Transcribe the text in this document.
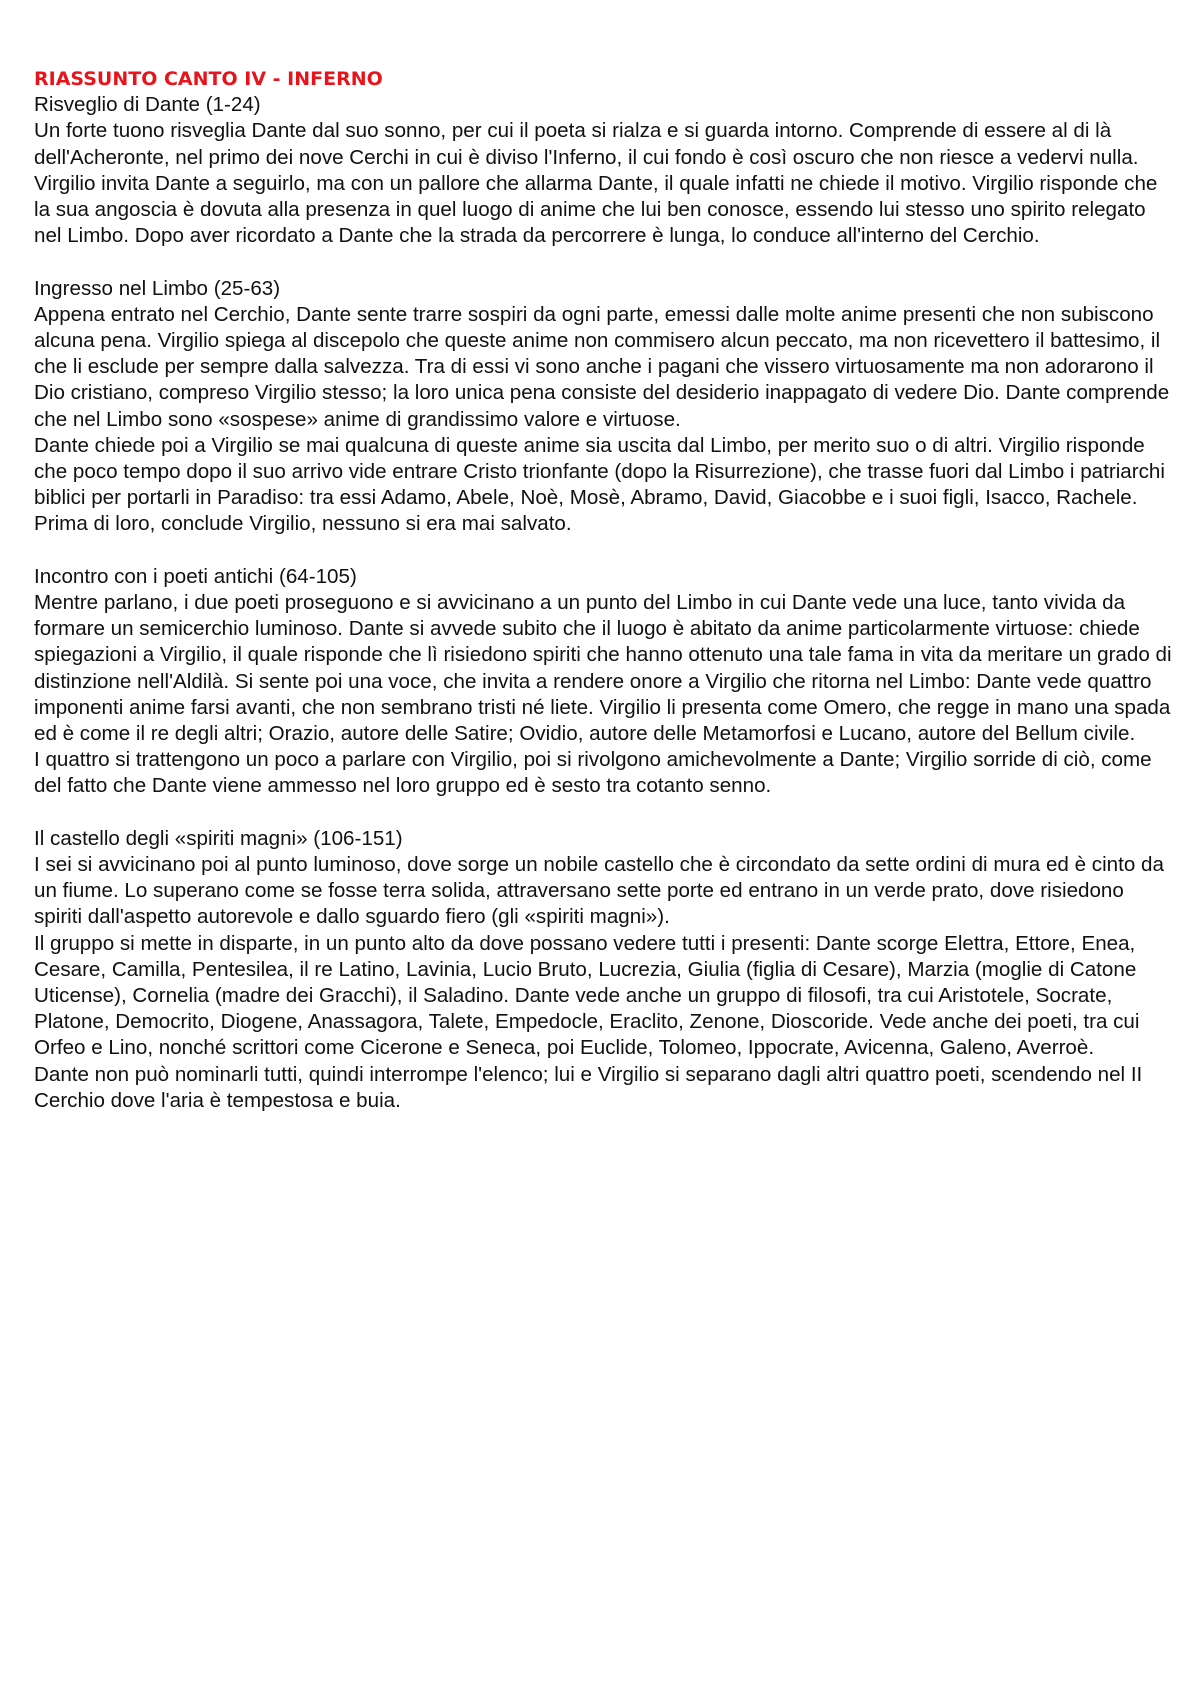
RIASSUNTO CANTO IV - INFERNO
Risveglio di Dante (1-24)
Un forte tuono risveglia Dante dal suo sonno, per cui il poeta si rialza e si guarda intorno. Comprende di essere al di là dell'Acheronte, nel primo dei nove Cerchi in cui è diviso l'Inferno, il cui fondo è così oscuro che non riesce a vedervi nulla. Virgilio invita Dante a seguirlo, ma con un pallore che allarma Dante, il quale infatti ne chiede il motivo. Virgilio risponde che la sua angoscia è dovuta alla presenza in quel luogo di anime che lui ben conosce, essendo lui stesso uno spirito relegato nel Limbo. Dopo aver ricordato a Dante che la strada da percorrere è lunga, lo conduce all'interno del Cerchio.
Ingresso nel Limbo (25-63)
Appena entrato nel Cerchio, Dante sente trarre sospiri da ogni parte, emessi dalle molte anime presenti che non subiscono alcuna pena. Virgilio spiega al discepolo che queste anime non commisero alcun peccato, ma non ricevettero il battesimo, il che li esclude per sempre dalla salvezza. Tra di essi vi sono anche i pagani che vissero virtuosamente ma non adorarono il Dio cristiano, compreso Virgilio stesso; la loro unica pena consiste del desiderio inappagato di vedere Dio. Dante comprende che nel Limbo sono «sospese» anime di grandissimo valore e virtuose.
Dante chiede poi a Virgilio se mai qualcuna di queste anime sia uscita dal Limbo, per merito suo o di altri. Virgilio risponde che poco tempo dopo il suo arrivo vide entrare Cristo trionfante (dopo la Risurrezione), che trasse fuori dal Limbo i patriarchi biblici per portarli in Paradiso: tra essi Adamo, Abele, Noè, Mosè, Abramo, David, Giacobbe e i suoi figli, Isacco, Rachele. Prima di loro, conclude Virgilio, nessuno si era mai salvato.
Incontro con i poeti antichi (64-105)
Mentre parlano, i due poeti proseguono e si avvicinano a un punto del Limbo in cui Dante vede una luce, tanto vivida da formare un semicerchio luminoso. Dante si avvede subito che il luogo è abitato da anime particolarmente virtuose: chiede spiegazioni a Virgilio, il quale risponde che lì risiedono spiriti che hanno ottenuto una tale fama in vita da meritare un grado di distinzione nell'Aldilà. Si sente poi una voce, che invita a rendere onore a Virgilio che ritorna nel Limbo: Dante vede quattro imponenti anime farsi avanti, che non sembrano tristi né liete. Virgilio li presenta come Omero, che regge in mano una spada ed è come il re degli altri; Orazio, autore delle Satire; Ovidio, autore delle Metamorfosi e Lucano, autore del Bellum civile.
I quattro si trattengono un poco a parlare con Virgilio, poi si rivolgono amichevolmente a Dante; Virgilio sorride di ciò, come del fatto che Dante viene ammesso nel loro gruppo ed è sesto tra cotanto senno.
Il castello degli «spiriti magni» (106-151)
I sei si avvicinano poi al punto luminoso, dove sorge un nobile castello che è circondato da sette ordini di mura ed è cinto da un fiume. Lo superano come se fosse terra solida, attraversano sette porte ed entrano in un verde prato, dove risiedono spiriti dall'aspetto autorevole e dallo sguardo fiero (gli «spiriti magni»).
Il gruppo si mette in disparte, in un punto alto da dove possano vedere tutti i presenti: Dante scorge Elettra, Ettore, Enea, Cesare, Camilla, Pentesilea, il re Latino, Lavinia, Lucio Bruto, Lucrezia, Giulia (figlia di Cesare), Marzia (moglie di Catone Uticense), Cornelia (madre dei Gracchi), il Saladino. Dante vede anche un gruppo di filosofi, tra cui Aristotele, Socrate, Platone, Democrito, Diogene, Anassagora, Talete, Empedocle, Eraclito, Zenone, Dioscoride. Vede anche dei poeti, tra cui Orfeo e Lino, nonché scrittori come Cicerone e Seneca, poi Euclide, Tolomeo, Ippocrate, Avicenna, Galeno, Averroè.
Dante non può nominarli tutti, quindi interrompe l'elenco; lui e Virgilio si separano dagli altri quattro poeti, scendendo nel II Cerchio dove l'aria è tempestosa e buia.
